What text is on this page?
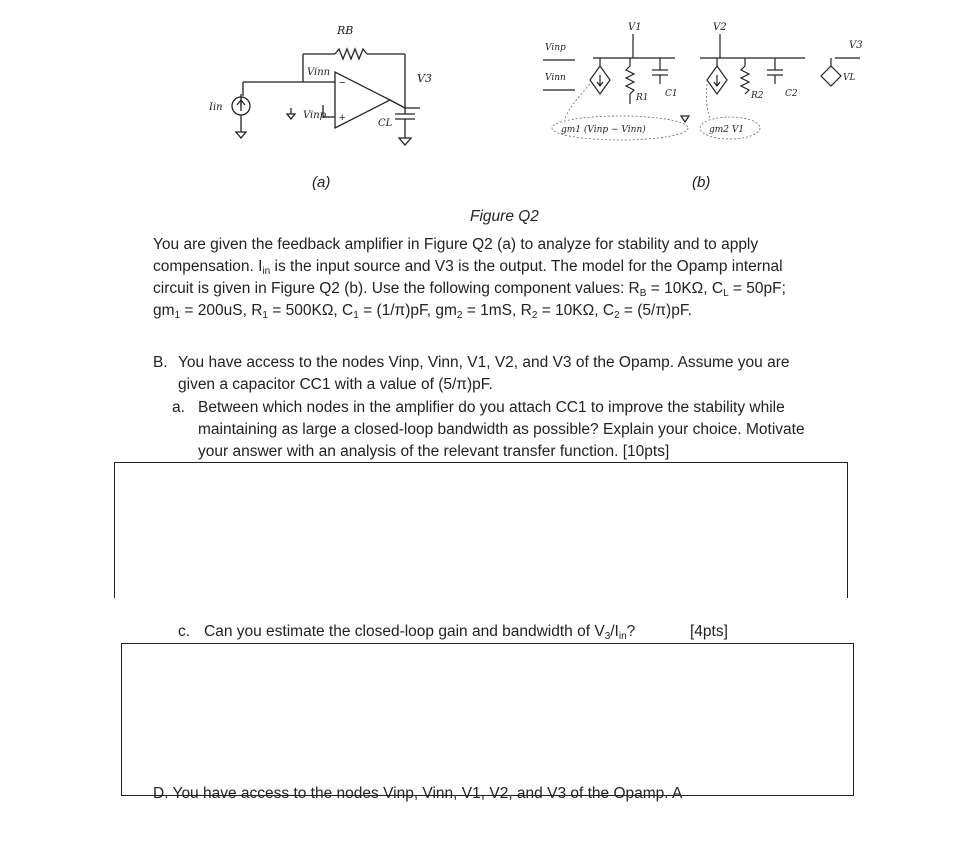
RB
Vinn
Vinp
−
+
V3
CL
Iin
Vinp
Vinn
V1	V2
V3
R1 C1	R2 C2
VL
gm1 (Vinp − Vinn)	gm2 V1
(a)	(b)
Figure Q2
You are given the feedback amplifier in Figure Q2 (a) to analyze for stability and to apply
compensation. $I_{in}$ is the input source and V3 is the output. The model for the Opamp internal
circuit is given in Figure Q2 (b). Use the following component values: $R_B = 10K\Omega$, $C_L = 50pF$;
$gm_1 = 200uS$, $R_1 = 500K\Omega$, $C_1 = (1/\pi)pF$, $gm_2 = 1mS$, $R_2 = 10K\Omega$, $C_2 = (5/\pi)pF$.
B. You have access to the nodes Vinp, Vinn, V1, V2, and V3 of the Opamp. Assume you are
given a capacitor CC1 with a value of (5/π)pF.
a. Between which nodes in the amplifier do you attach CC1 to improve the stability while
maintaining as large a closed-loop bandwidth as possible? Explain your choice. Motivate
your answer with an analysis of the relevant transfer function. [10pts]
c. Can you estimate the closed-loop gain and bandwidth of $V_3/I_{in}$?	[4pts]
D. You have access to the nodes Vinp, Vinn, V1, V2, and V3 of the Opamp. A
